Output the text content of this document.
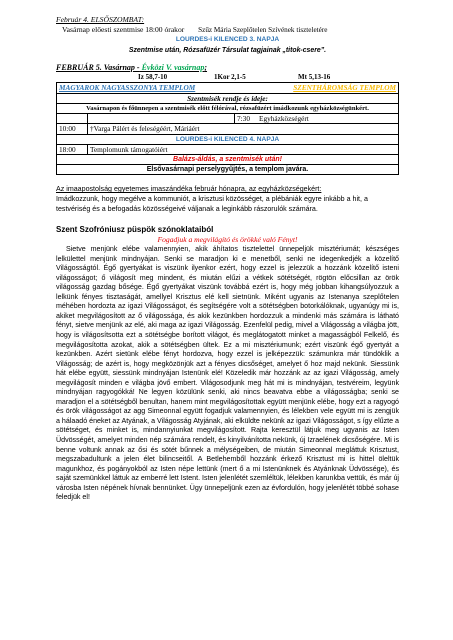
Február 4. ELSŐSZOMBAT:
Vasárnap előesti szentmise 18:00 órakor Szűz Mária Szeplőtelen Szívének tiszteletére
LOURDES-i KILENCED 3. NAPJA
Szentmise után, Rózsafüzér Társulat tagjainak „titok-csere”.
FEBRUÁR 5. Vasárnap - Évközi V. vasárnap;
Iz 58,7-10	1Kor 2,1-5	Mt 5,13-16
MAGYAROK NAGYASSZONYA TEMPLOM SZENTHÁROMSÁG TEMPLOM		

Szentmisék rendje és ideje:		
Vasárnapon és főünnepen a szentmisék előtt félórával, rózsafüzért imádkozunk egyházközségünkért.		
		7:30 Egyházközségért
10:00	†Varga Pálért és feleségéért, Máriáért	
LOURDES-i KILENCED 4. NAPJA		
18:00	Templomunk támogatóiért	
Balázs-áldás, a szentmisék után!		
Elsővasárnapi perselygyűjtés, a templom javára.		
Az imaapostolság egyetemes imaszándéka február hónapra, az egyházközségekért:
Imádkozzunk, hogy megélve a kommuniót, a krisztusi közösséget, a plébániák egyre inkább a hit, a testvériség és a befogadás közösségeivé váljanak a leginkább rászorulók számára.
Szent Szofróniusz püspök szónoklataiból
Fogadjuk a megvilágító és örökké való Fényt!

Sietve menjünk elébe valamennyien, akik áhítatos tisztelettel ünnepeljük misztériumát; készséges lelkülettel menjünk mindnyájan. Senki se maradjon ki e menetből, senki ne idegenkedjék a közelítő Világosságtól. Égő gyertyákat is viszünk ilyenkor ezért, hogy ezzel is jelezzük a hozzánk közelítő isteni világosságot; ő világosít meg mindent, és miután elűzi a vétkek sötétségét, rögtön előcsillan az örök világosság gazdag bősége. Égő gyertyákat viszünk továbbá ezért is, hogy még jobban kihangsúlyozzuk a lelkünk fényes tisztaságát, amellyel Krisztus elé kell sietnünk. Miként ugyanis az Istenanya szeplőtelen méhében hordozta az igazi Világosságot, és segítségére volt a sötétségben botorkálóknak, ugyanúgy mi is, akiket megvilágosított az ő világossága, és akik kezünkben hordozzuk a mindenki más számára is látható fényt, sietve menjünk az elé, aki maga az igazi Világosság. Ezenfelül pedig, mivel a Világosság a világba jött, hogy is világosítsotta ezt a sötétségbe borított világot, és meglátogatott minket a magasságból Felkelő, és megvilágosította azokat, akik a sötétségben ültek. Ez a mi misztériumunk; ezért viszünk égő gyertyát a kezünkben. Azért sietünk elébe fényt hordozva, hogy ezzel is jelképezzük: számunkra már tündöklik a Világosság; de azért is, hogy megközönjük azt a fényes dicsőséget, amelyet ő hoz majd nekünk. Siessünk hát elébe együtt, siessünk mindnyájan Istenünk elé! Közeledik már hozzánk az az igazi Világosság, amely megvilágosít minden e világba jövő embert. Világosodjunk meg hát mi is mindnyájan, testvéreim, legyünk mindnyájan ragyogókká! Ne legyen közülünk senki, aki nincs beavatva ebbe a világosságba; senki se maradjon el a sötétségből benultan, hanem mint megvilágosítottak együtt menjünk elébe, hogy ezt a ragyogó és örök világosságot az agg Simeonnal együtt fogadjuk valamennyien, és lélekben vele együtt mi is zengjük a hálaadó éneket az Atyának, a Világosság Atyjának, aki elküldte nekünk az igazi Világosságot, s így elűzte a sötétséget, és minket is, mindannyiunkat megvilágosított. Rajta keresztül látjuk meg ugyanis az Isten Üdvösségét, amelyet minden nép számára rendelt, és kinyilvánította nekünk, új Izraelének dicsőségére. Mi is benne voltunk annak az ősi és sötét bűnnek a mélységeiben, de miután Simeonnal megláttuk Krisztust, megszabadultunk a jelen élet bilincseitől. A Betlehemből hozzánk érkező Krisztust mi is hittel öleltük magunkhoz, és pogányokból az Isten népe lettünk (mert ő a mi Istenünknek és Atyánknak Üdvössége), és saját szemünkkel láttuk az emberré lett Istent. Isten jelenlétét szemléltük, lélekben karunkba vettük, és már új városba Isten népének hívnak bennünket. Ügy ünnepeljünk ezen az évfordulón, hogy jelenlétét többé sohase feledjük el!
